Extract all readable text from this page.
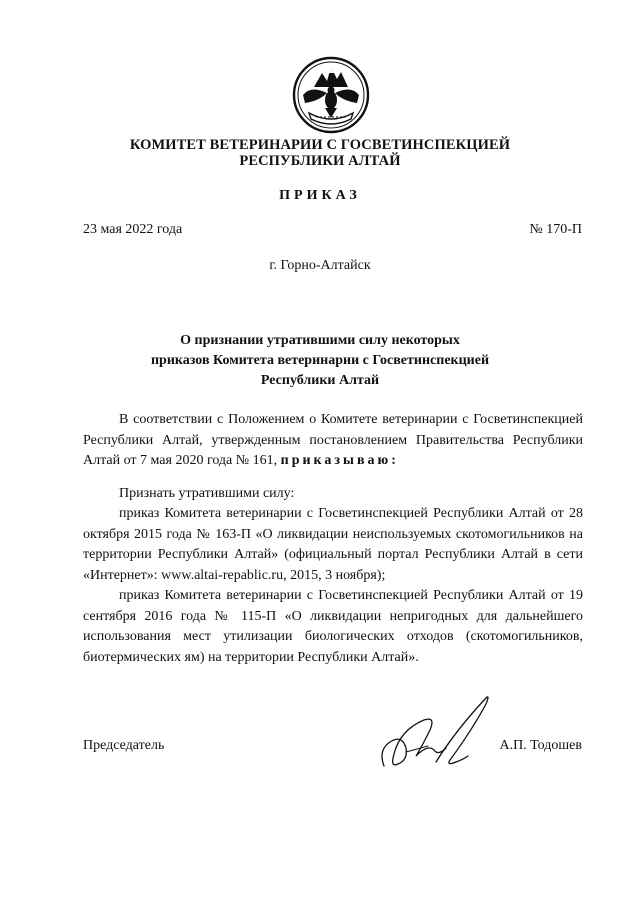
КОМИТЕТ ВЕТЕРИНАРИИ С ГОСВЕТИНСПЕКЦИЕЙ
РЕСПУБЛИКИ АЛТАЙ
ПРИКАЗ
23 мая 2022 года	№ 170-П
г. Горно-Алтайск
О признании утратившими силу некоторых
приказов Комитета ветеринарии с Госветинспекцией
Республики Алтай

В соответствии с Положением о Комитете ветеринарии с Госветинспекцией Республики Алтай, утвержденным постановлением Правительства Республики Алтай от 7 мая 2020 года № 161, приказываю:

Признать утратившими силу:

приказ Комитета ветеринарии с Госветинспекцией Республики Алтай от 28 октября 2015 года № 163-П «О ликвидации неиспользуемых скотомогильников на территории Республики Алтай» (официальный портал Республики Алтай в сети «Интернет»: www.altai-repablic.ru, 2015, 3 ноября);

приказ Комитета ветеринарии с Госветинспекцией Республики Алтай от 19 сентября 2016 года № 115-П «О ликвидации непригодных для дальнейшего использования мест утилизации биологических отходов (скотомогильников, биотермических ям) на территории Республики Алтай».

Председатель	А.П. Тодошев
